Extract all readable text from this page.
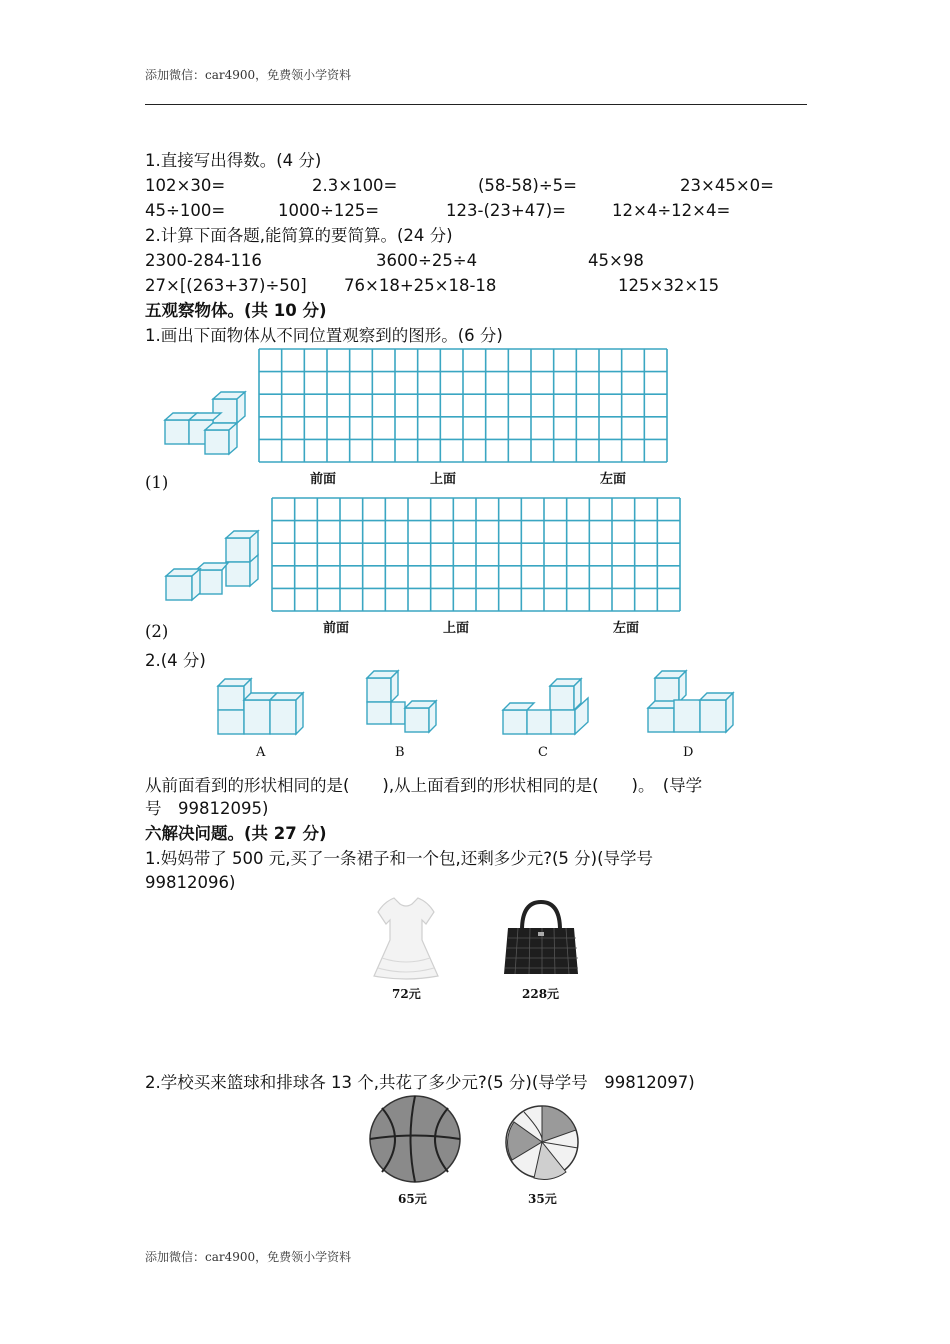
添加微信：car4900，免费领小学资料
1.直接写出得数。(4 分)
102×30=	2.3×100=	(58-58)÷5=	23×45×0=
45÷100=	1000÷125=	123-(23+47)=	12×4÷12×4=
2.计算下面各题,能简算的要简算。(24 分)
2300-284-116	3600÷25÷4	45×98
27×[(263+37)÷50] 76×18+25×18-18	125×32×15
五观察物体。(共 10 分)
1.画出下面物体从不同位置观察到的图形。(6 分)
前面	上面	左面
(1)
前面	上面	左面
(2)
2.(4 分)
A	B	C	D
从前面看到的形状相同的是(　　),从上面看到的形状相同的是(　　)。　(导学
号　99812095)
六解决问题。(共 27 分)
1.妈妈带了 500 元,买了一条裙子和一个包,还剩多少元?(5 分)(导学号
99812096)
72元	228元
2.学校买来篮球和排球各 13 个,共花了多少元?(5 分)(导学号　99812097)
65元	35元
添加微信：car4900，免费领小学资料
